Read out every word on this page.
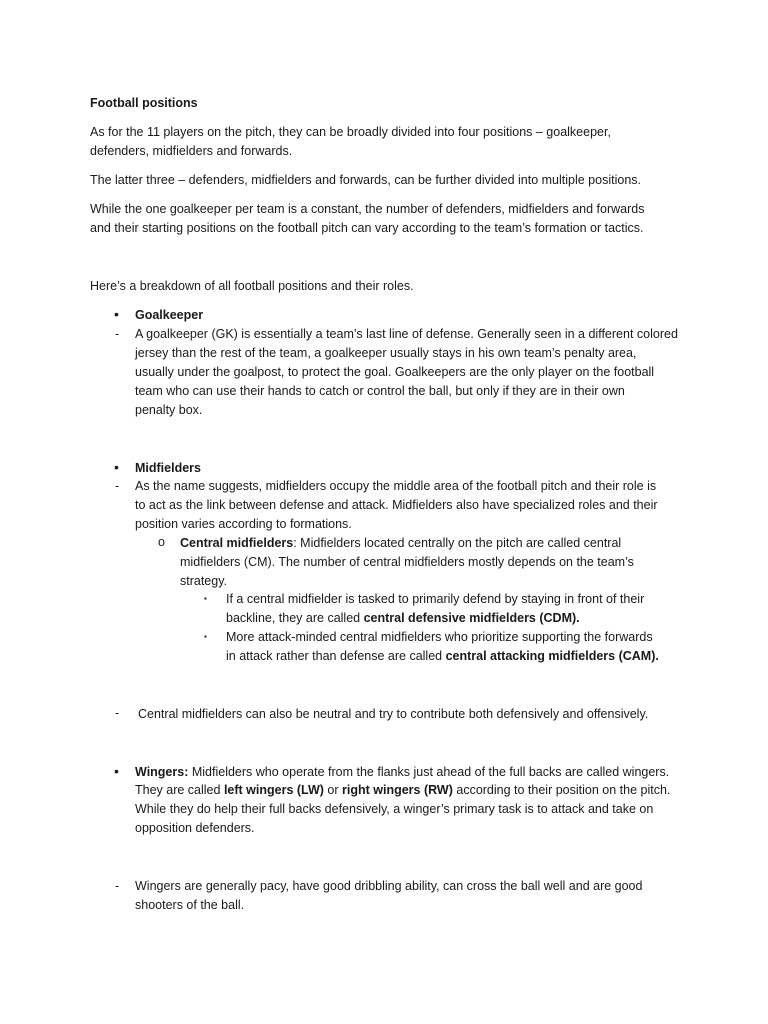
Football positions
As for the 11 players on the pitch, they can be broadly divided into four positions – goalkeeper,
defenders, midfielders and forwards.
The latter three – defenders, midfielders and forwards, can be further divided into multiple positions.
While the one goalkeeper per team is a constant, the number of defenders, midfielders and forwards
and their starting positions on the football pitch can vary according to the team’s formation or tactics.
Here’s a breakdown of all football positions and their roles.
• Goalkeeper
- A goalkeeper (GK) is essentially a team’s last line of defense. Generally seen in a different colored
jersey than the rest of the team, a goalkeeper usually stays in his own team’s penalty area,
usually under the goalpost, to protect the goal. Goalkeepers are the only player on the football
team who can use their hands to catch or control the ball, but only if they are in their own
penalty box.
• Midfielders
- As the name suggests, midfielders occupy the middle area of the football pitch and their role is
to act as the link between defense and attack. Midfielders also have specialized roles and their
position varies according to formations.
o Central midfielders: Midfielders located centrally on the pitch are called central
midfielders (CM). The number of central midfielders mostly depends on the team’s
strategy.
▪ If a central midfielder is tasked to primarily defend by staying in front of their
backline, they are called central defensive midfielders (CDM).
▪ More attack-minded central midfielders who prioritize supporting the forwards
in attack rather than defense are called central attacking midfielders (CAM).
- Central midfielders can also be neutral and try to contribute both defensively and offensively.
• Wingers: Midfielders who operate from the flanks just ahead of the full backs are called wingers.
They are called left wingers (LW) or right wingers (RW) according to their position on the pitch.
While they do help their full backs defensively, a winger’s primary task is to attack and take on
opposition defenders.
- Wingers are generally pacy, have good dribbling ability, can cross the ball well and are good
shooters of the ball.
